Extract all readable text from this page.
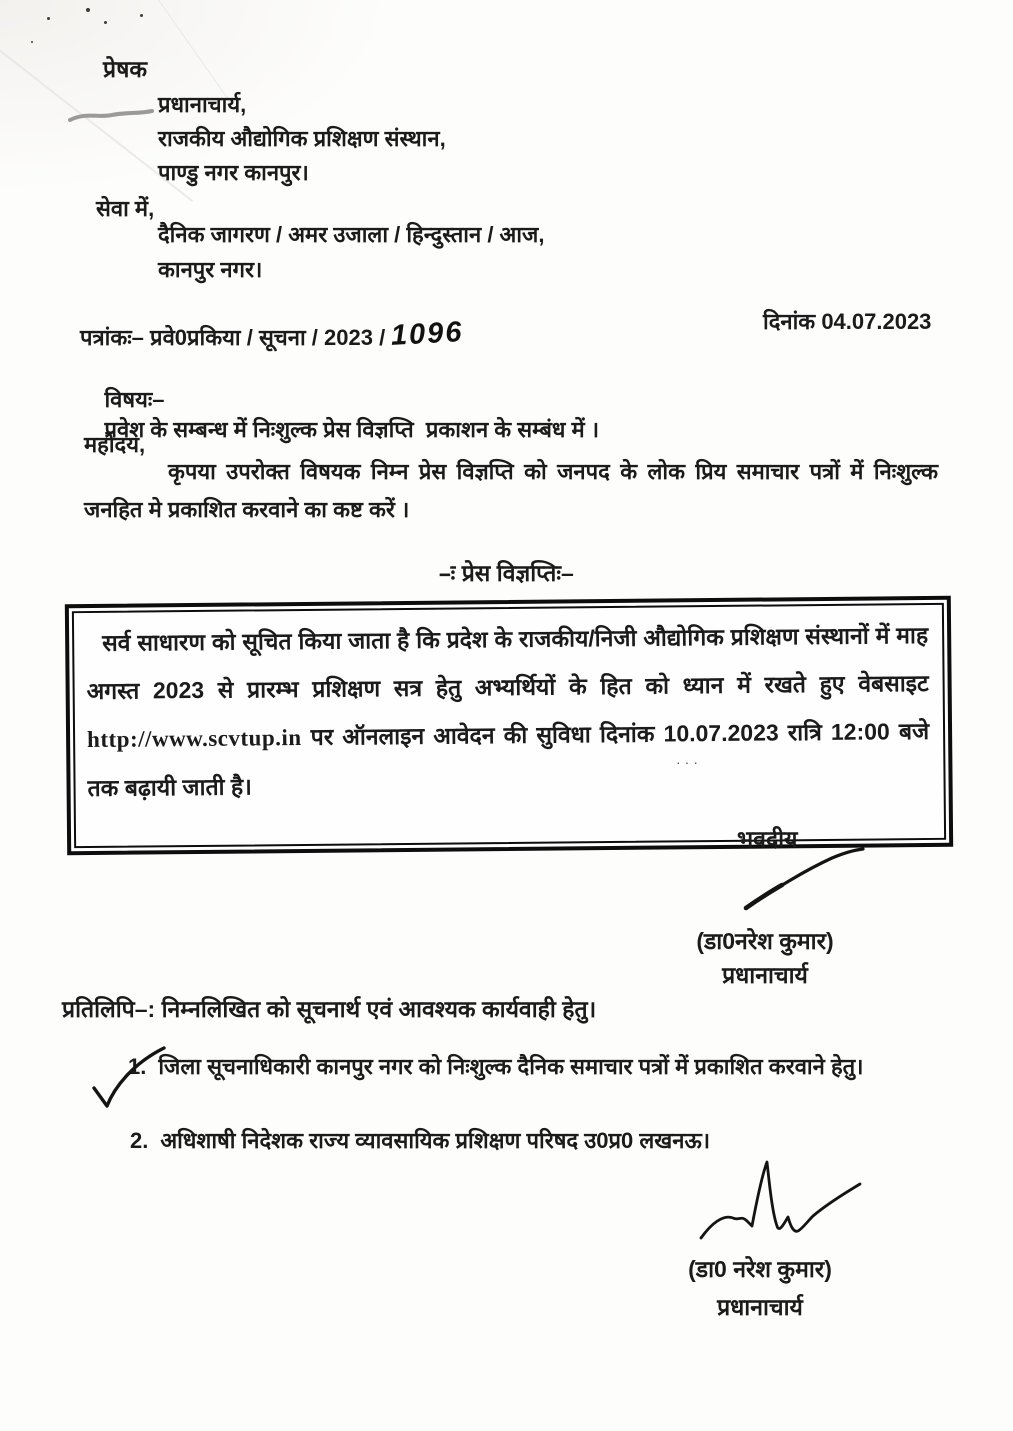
प्रेषक
प्रधानाचार्य,
राजकीय औद्योगिक प्रशिक्षण संस्थान,
पाण्डु नगर कानपुर।
सेवा में,
दैनिक जागरण / अमर उजाला / हिन्दुस्तान / आज,
कानपुर नगर।
पत्रांकः– प्रवे0प्रकिया / सूचना / 2023 / 1096	दिनांक 04.07.2023

विषयः–
प्रवेश के सम्बन्ध में निःशुल्क प्रेस विज्ञप्ति  प्रकाशन के सम्बंध में ।

महोदय,
कृपया उपरोक्त विषयक निम्न प्रेस विज्ञप्ति को जनपद के लोक प्रिय समाचार पत्रों में निःशुल्क जनहित मे प्रकाशित करवाने का कष्ट करें ।
–ः प्रेस विज्ञप्तिः–
सर्व साधारण को सूचित किया जाता है कि प्रदेश के राजकीय/निजी औद्योगिक प्रशिक्षण संस्थानों में माह अगस्त 2023 से प्रारम्भ प्रशिक्षण सत्र हेतु अभ्यर्थियों के हित को ध्यान में रखते हुए वेबसाइट http://www.scvtup.in पर ऑनलाइन आवेदन की सुविधा दिनांक 10.07.2023 रात्रि 12:00 बजे तक बढ़ायी जाती है।
···
भवदीय
(डा0नरेश कुमार)
प्रधानाचार्य
प्रतिलिपि–: निम्नलिखित को सूचनार्थ एवं आवश्यक कार्यवाही हेतु।
1. जिला सूचनाधिकारी कानपुर नगर को निःशुल्क दैनिक समाचार पत्रों में प्रकाशित करवाने हेतु।
2. अधिशाषी निदेशक राज्य व्यावसायिक प्रशिक्षण परिषद उ0प्र0 लखनऊ।
(डा0 नरेश कुमार)
प्रधानाचार्य
